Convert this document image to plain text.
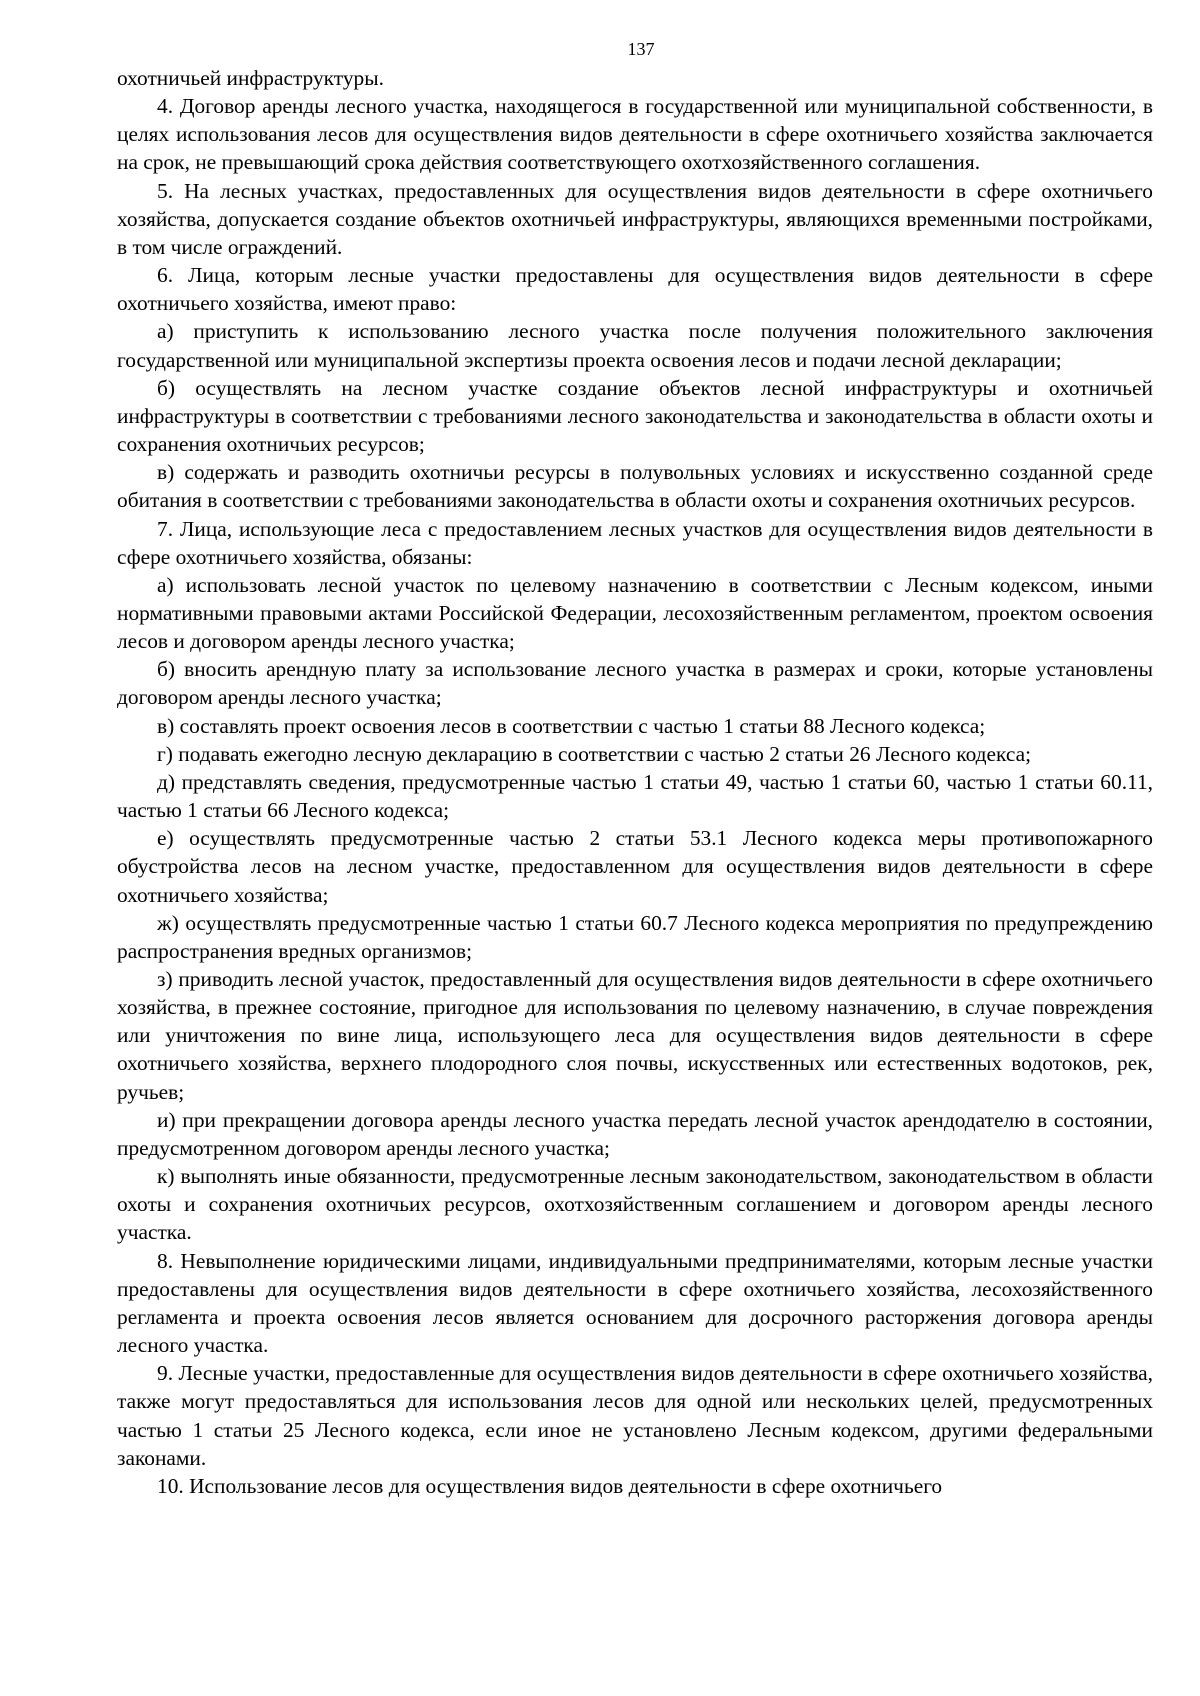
137

охотничьей инфраструктуры.

4. Договор аренды лесного участка, находящегося в государственной или муниципальной собственности, в целях использования лесов для осуществления видов деятельности в сфере охотничьего хозяйства заключается на срок, не превышающий срока действия соответствующего охотхозяйственного соглашения.

5. На лесных участках, предоставленных для осуществления видов деятельности в сфере охотничьего хозяйства, допускается создание объектов охотничьей инфраструктуры, являющихся временными постройками, в том числе ограждений.

6. Лица, которым лесные участки предоставлены для осуществления видов деятельности в сфере охотничьего хозяйства, имеют право:

а) приступить к использованию лесного участка после получения положительного заключения государственной или муниципальной экспертизы проекта освоения лесов и подачи лесной декларации;

б) осуществлять на лесном участке создание объектов лесной инфраструктуры и охотничьей инфраструктуры в соответствии с требованиями лесного законодательства и законодательства в области охоты и сохранения охотничьих ресурсов;

в) содержать и разводить охотничьи ресурсы в полувольных условиях и искусственно созданной среде обитания в соответствии с требованиями законодательства в области охоты и сохранения охотничьих ресурсов.

7. Лица, использующие леса с предоставлением лесных участков для осуществления видов деятельности в сфере охотничьего хозяйства, обязаны:

а) использовать лесной участок по целевому назначению в соответствии с Лесным кодексом, иными нормативными правовыми актами Российской Федерации, лесохозяйственным регламентом, проектом освоения лесов и договором аренды лесного участка;

б) вносить арендную плату за использование лесного участка в размерах и сроки, которые установлены договором аренды лесного участка;

в) составлять проект освоения лесов в соответствии с частью 1 статьи 88 Лесного кодекса;

г) подавать ежегодно лесную декларацию в соответствии с частью 2 статьи 26 Лесного кодекса;

д) представлять сведения, предусмотренные частью 1 статьи 49, частью 1 статьи 60, частью 1 статьи 60.11, частью 1 статьи 66 Лесного кодекса;

е) осуществлять предусмотренные частью 2 статьи 53.1 Лесного кодекса меры противопожарного обустройства лесов на лесном участке, предоставленном для осуществления видов деятельности в сфере охотничьего хозяйства;

ж) осуществлять предусмотренные частью 1 статьи 60.7 Лесного кодекса мероприятия по предупреждению распространения вредных организмов;

з) приводить лесной участок, предоставленный для осуществления видов деятельности в сфере охотничьего хозяйства, в прежнее состояние, пригодное для использования по целевому назначению, в случае повреждения или уничтожения по вине лица, использующего леса для осуществления видов деятельности в сфере охотничьего хозяйства, верхнего плодородного слоя почвы, искусственных или естественных водотоков, рек, ручьев;

и) при прекращении договора аренды лесного участка передать лесной участок арендодателю в состоянии, предусмотренном договором аренды лесного участка;

к) выполнять иные обязанности, предусмотренные лесным законодательством, законодательством в области охоты и сохранения охотничьих ресурсов, охотхозяйственным соглашением и договором аренды лесного участка.

8. Невыполнение юридическими лицами, индивидуальными предпринимателями, которым лесные участки предоставлены для осуществления видов деятельности в сфере охотничьего хозяйства, лесохозяйственного регламента и проекта освоения лесов является основанием для досрочного расторжения договора аренды лесного участка.

9. Лесные участки, предоставленные для осуществления видов деятельности в сфере охотничьего хозяйства, также могут предоставляться для использования лесов для одной или нескольких целей, предусмотренных частью 1 статьи 25 Лесного кодекса, если иное не установлено Лесным кодексом, другими федеральными законами.

10. Использование лесов для осуществления видов деятельности в сфере охотничьего
